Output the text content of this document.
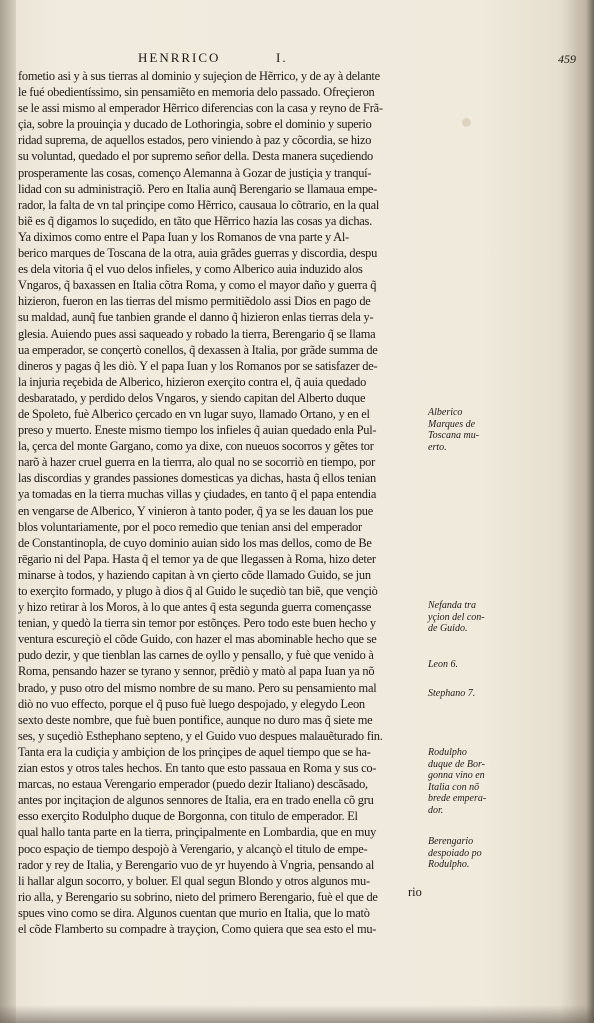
HENRRICO	I.	459
fometio asi y à sus tierras al dominio y sujeçion de Hẽrrico, y de ay à delante
le fué obedientíssimo, sin pensamiẽto en memoria delo passado. Ofreçieron
se le assi mismo al emperador Hẽrrico diferencias con la casa y reyno de Frã-
çia, sobre la prouinçia y ducado de Lothoringia, sobre el dominio y superio
ridad suprema, de aquellos estados, pero viniendo à paz y cõcordia, se hizo
su voluntad, quedado el por supremo señor della. Desta manera suçediendo
prosperamente las cosas, començo Alemanna à Gozar de justiçia y tranquí-
lidad con su administraçiõ. Pero en Italia aunq̃ Berengario se llamaua empe-
rador, la falta de vn tal prinçipe como Hẽrrico, causaua lo cõtrario, en la qual
biẽ es q̃ digamos lo suçedido, en tãto que Hẽrrico hazia las cosas ya dichas.
Ya diximos como entre el Papa Iuan y los Romanos de vna parte y Al-
berico marques de Toscana de la otra, auia grãdes guerras y discordia, despu
es dela vitoria q̃ el vuo delos infieles, y como Alberico auia induzido alos
Vngaros, q̃ baxassen en Italia cõtra Roma, y como el mayor daño y guerra q̃
hizieron, fueron en las tierras del mismo permitiẽdolo assi Dios en pago de
su maldad, aunq̃ fue tanbien grande el danno q̃ hizieron enlas tierras dela y-
glesia. Auiendo pues assi saqueado y robado la tierra, Berengario q̃ se llama
ua emperador, se conçertò conellos, q̃ dexassen à Italia, por grãde summa de
dineros y pagas q̃ les diò. Y el papa Iuan y los Romanos por se satisfazer de-
la injuria reçebida de Alberico, hizieron exerçito contra el, q̃ auia quedado
desbaratado, y perdido delos Vngaros, y siendo capitan del Alberto duque
de Spoleto, fuè Alberico çercado en vn lugar suyo, llamado Ortano, y en el
preso y muerto. Eneste mismo tiempo los infieles q̃ auian quedado enla Pul-
la, çerca del monte Gargano, como ya dixe, con nueuos socorros y gẽtes tor
narõ à hazer cruel guerra en la tierrra, alo qual no se socorriò en tiempo, por
las discordias y grandes passiones domesticas ya dichas, hasta q̃ ellos tenian
ya tomadas en la tierra muchas villas y çiudades, en tanto q̃ el papa entendia
en vengarse de Alberico, Y vinieron à tanto poder, q̃ ya se les dauan los pue
blos voluntariamente, por el poco remedio que tenian ansi del emperador
de Constantinopla, de cuyo dominio auian sido los mas dellos, como de Be
rēgario ni del Papa. Hasta q̃ el temor ya de que llegassen à Roma, hizo deter
minarse à todos, y haziendo capitan à vn çierto cõde llamado Guido, se jun
to exerçito formado, y plugo à dios q̃ al Guido le suçediò tan biẽ, que vençiò
y hizo retirar à los Moros, à lo que antes q̃ esta segunda guerra començasse
tenian, y quedò la tierra sin temor por estõnçes. Pero todo este buen hecho y
ventura escureçiò el cõde Guido, con hazer el mas abominable hecho que se
pudo dezir, y que tienblan las carnes de oyllo y pensallo, y fuè que venido à
Roma, pensando hazer se tyrano y sennor, prẽdiò y matò al papa Iuan ya nõ
brado, y puso otro del mismo nombre de su mano. Pero su pensamiento mal
diò no vuo effecto, porque el q̃ puso fuè luego despojado, y elegydo Leon
sexto deste nombre, que fuè buen pontifice, aunque no duro mas q̃ siete me
ses, y suçediò Esthephano septeno, y el Guido vuo despues malauẽturado fin.
Tanta era la cudiçia y ambiçion de los prinçipes de aquel tiempo que se ha-
zian estos y otros tales hechos. En tanto que esto passaua en Roma y sus co-
marcas, no estaua Verengario emperador (puedo dezir Italiano) descãsado,
antes por inçitaçion de algunos sennores de Italia, era en trado enella cõ gru
esso exerçito Rodulpho duque de Borgonna, con titulo de emperador. El
qual hallo tanta parte en la tierra, prinçipalmente en Lombardia, que en muy
poco espaçio de tiempo despojò à Verengario, y alcançò el titulo de empe-
rador y rey de Italia, y Berengario vuo de yr huyendo à Vngria, pensando al
li hallar algun socorro, y boluer. El qual segun Blondo y otros algunos mu-
rio alla, y Berengario su sobrino, nieto del primero Berengario, fuè el que de
spues vino como se dira. Algunos cuentan que murio en Italia, que lo matò
el cõde Flamberto su compadre à trayçion, Como quiera que sea esto el mu-
rio
Alberico
Marques de
Toscana mu-
erto.
Nefanda tra
yçion del con-
de Guido.
Leon 6.
Stephano 7.
Rodulpho
duque de Bor-
gonna vino en
Italia con nõ
brede empera-
dor.
Berengario
despoiado po
Rodulpho.
